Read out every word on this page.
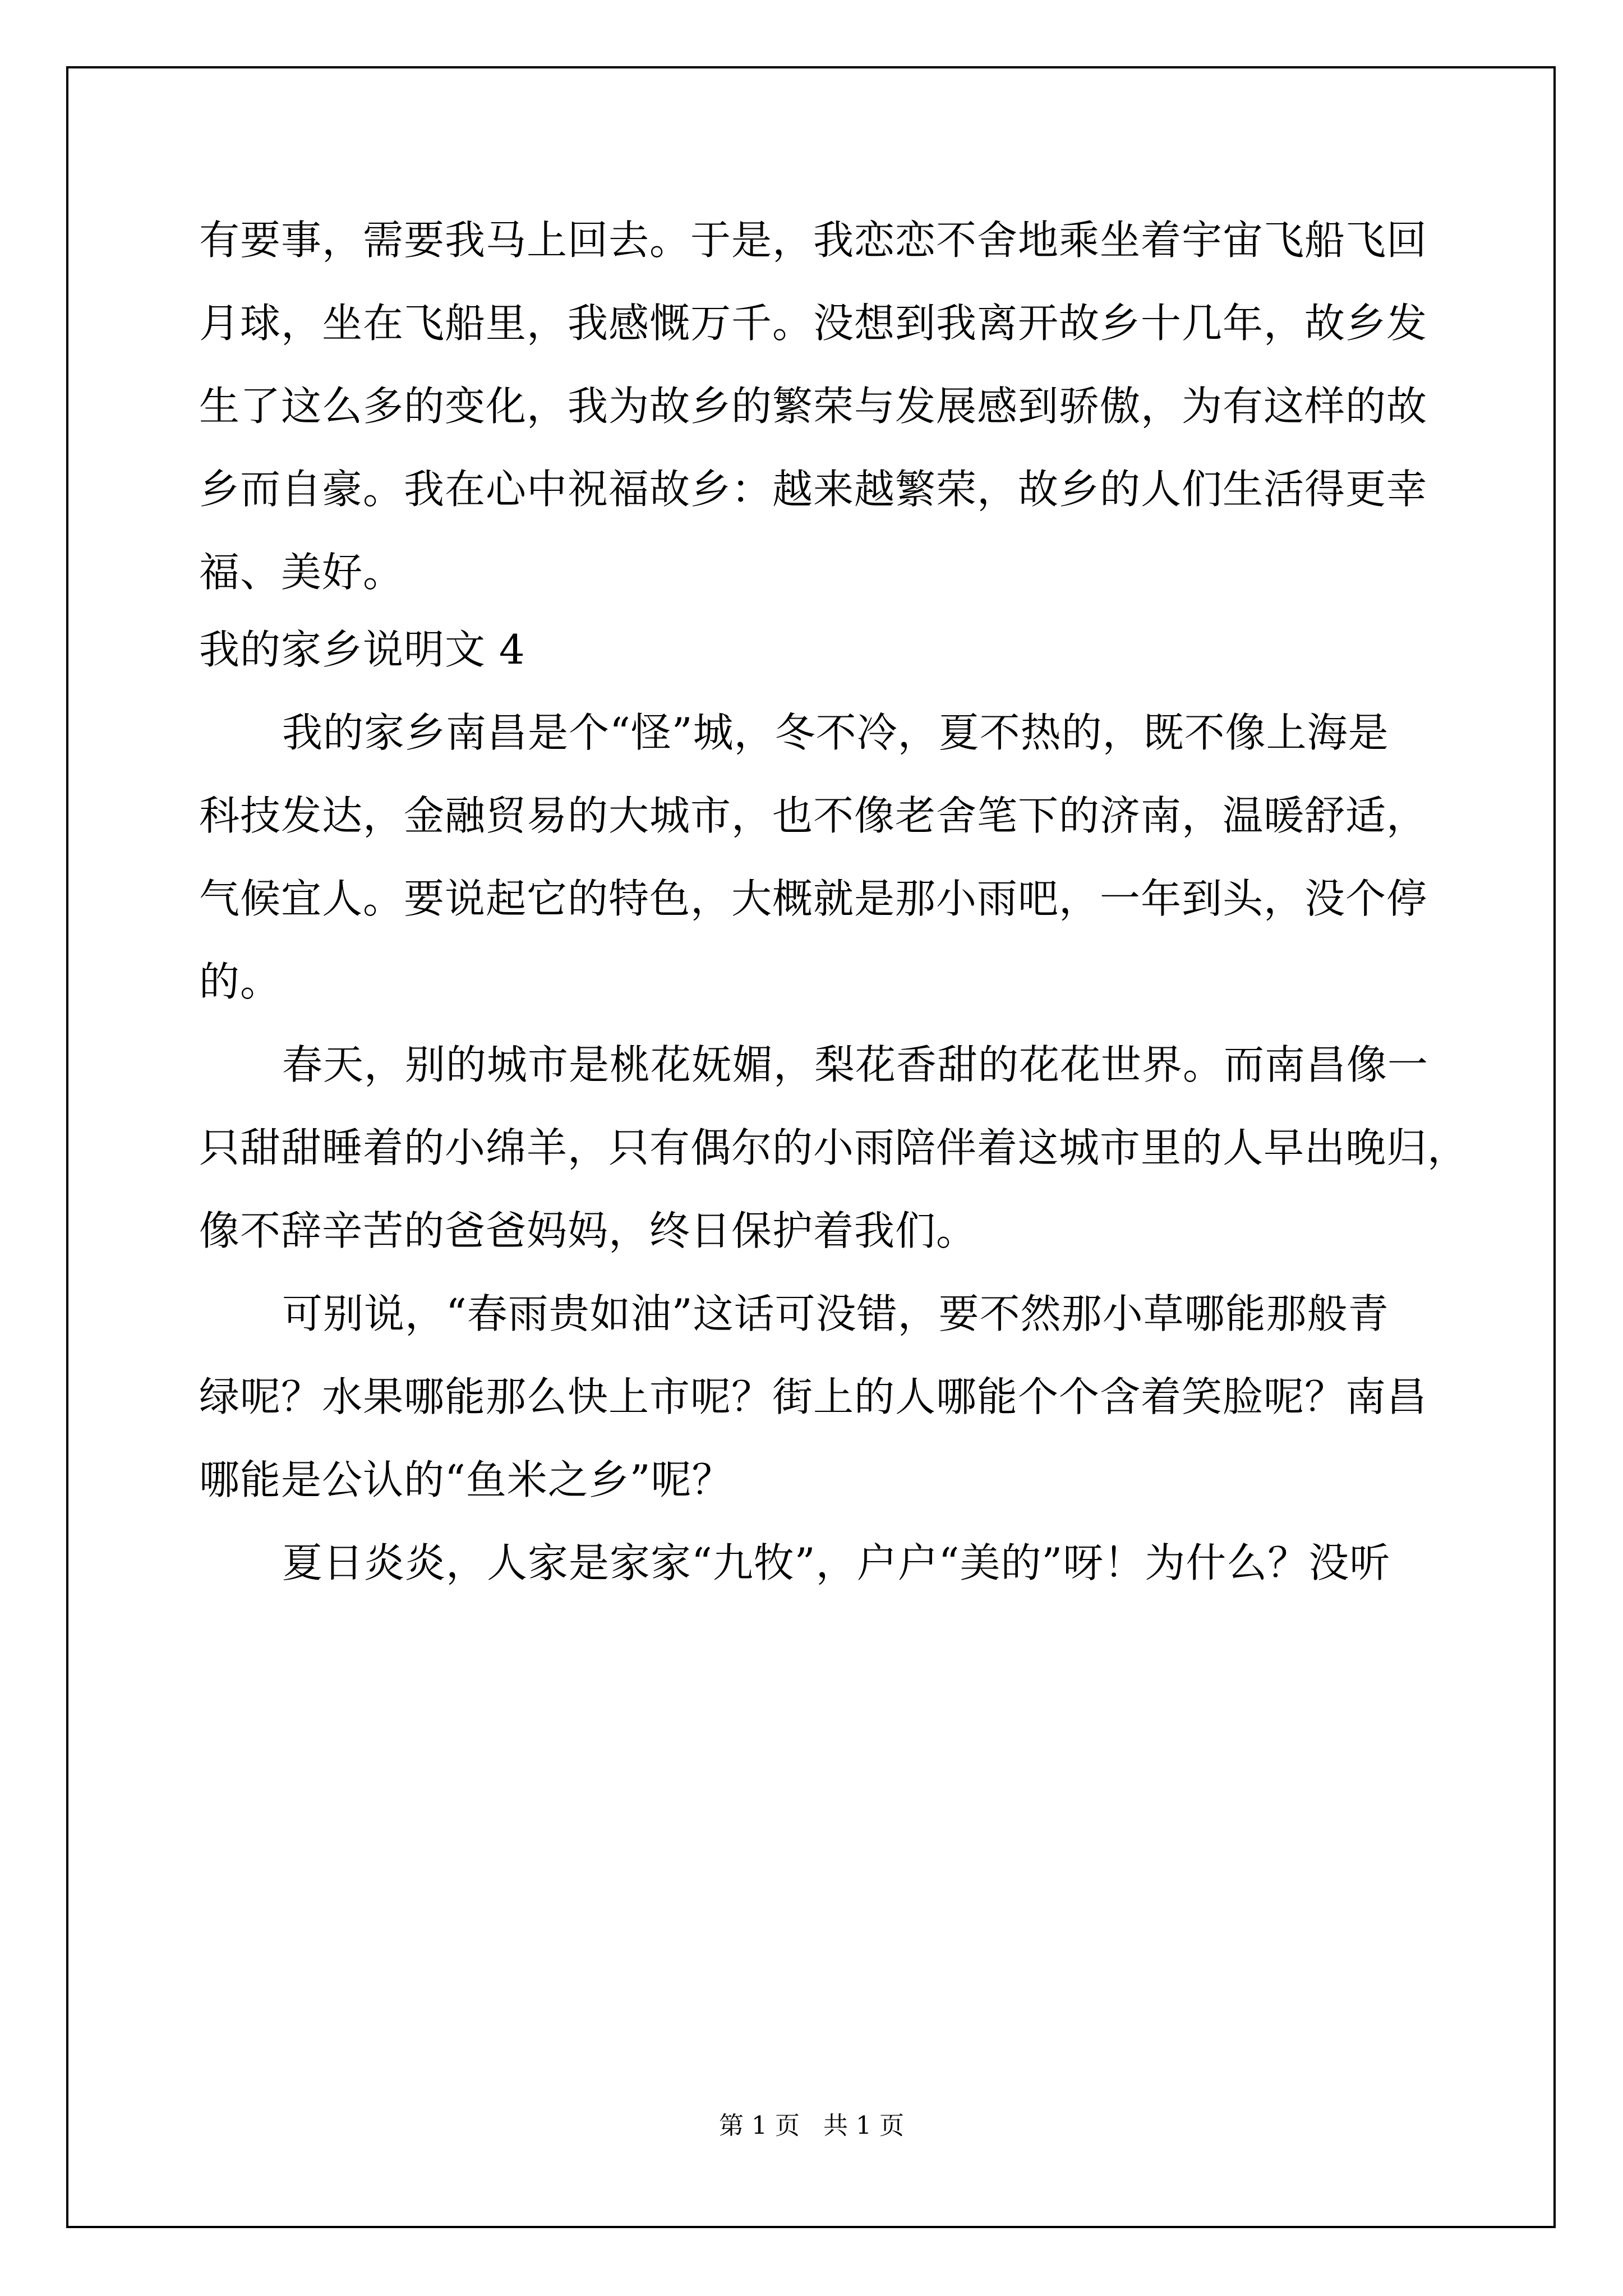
有要事，需要我马上回去。于是，我恋恋不舍地乘坐着宇宙飞船飞回
月球，坐在飞船里，我感慨万千。没想到我离开故乡十几年，故乡发
生了这么多的变化，我为故乡的繁荣与发展感到骄傲，为有这样的故
乡而自豪。我在心中祝福故乡：越来越繁荣，故乡的人们生活得更幸
福、美好。
我的家乡说明文 4
我的家乡南昌是个“怪”城，冬不冷，夏不热的，既不像上海是
科技发达，金融贸易的大城市，也不像老舍笔下的济南，温暖舒适，
气候宜人。要说起它的特色，大概就是那小雨吧，一年到头，没个停
的。
春天，别的城市是桃花妩媚，梨花香甜的花花世界。而南昌像一
只甜甜睡着的小绵羊，只有偶尔的小雨陪伴着这城市里的人早出晚归，
像不辞辛苦的爸爸妈妈，终日保护着我们。
可别说，“春雨贵如油”这话可没错，要不然那小草哪能那般青
绿呢？水果哪能那么快上市呢？街上的人哪能个个含着笑脸呢？南昌
哪能是公认的“鱼米之乡”呢？
夏日炎炎，人家是家家“九牧”，户户“美的”呀！为什么？没听
第 1 页   共 1 页
